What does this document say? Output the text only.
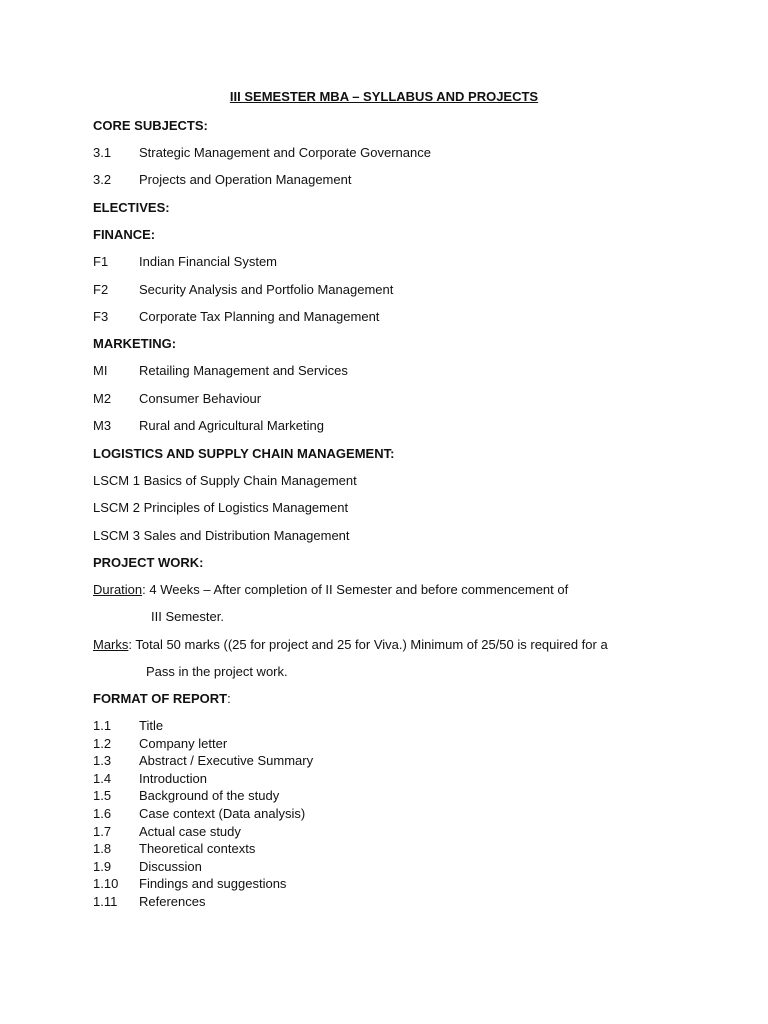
III SEMESTER MBA – SYLLABUS AND PROJECTS
CORE SUBJECTS:
3.1 Strategic Management and Corporate Governance
3.2 Projects and Operation Management
ELECTIVES:
FINANCE:
F1 Indian Financial System
F2 Security Analysis and Portfolio Management
F3 Corporate Tax Planning and Management
MARKETING:
MI Retailing Management and Services
M2 Consumer Behaviour
M3 Rural and Agricultural Marketing
LOGISTICS AND SUPPLY CHAIN MANAGEMENT:
LSCM 1 Basics of Supply Chain Management
LSCM 2 Principles of Logistics Management
LSCM 3 Sales and Distribution Management
PROJECT WORK:
Duration: 4 Weeks – After completion of II Semester and before commencement of
III Semester.
Marks: Total 50 marks ((25 for project and 25 for Viva.) Minimum of 25/50 is required for a
Pass in the project work.
FORMAT OF REPORT:
1.1 Title
1.2 Company letter
1.3 Abstract / Executive Summary
1.4 Introduction
1.5 Background of the study
1.6 Case context (Data analysis)
1.7 Actual case study
1.8 Theoretical contexts
1.9 Discussion
1.10 Findings and suggestions
1.11 References
